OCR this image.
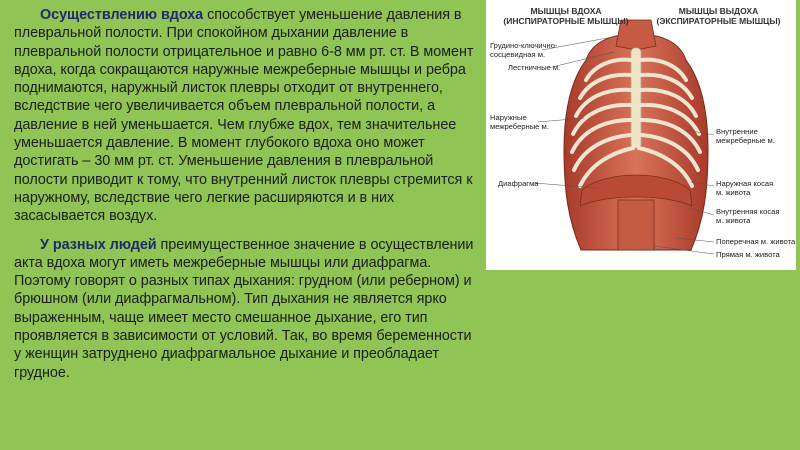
Осуществлению вдоха способствует уменьшение давления в плевральной полости. При спокойном дыхании давление в плевральной полости отрицательное и равно 6-8 мм рт. ст. В момент вдоха, когда сокращаются наружные межреберные мышцы и ребра поднимаются, наружный листок плевры отходит от внутреннего, вследствие чего увеличивается объем плевральной полости, а давление в ней уменьшается. Чем глубже вдох, тем значительнее уменьшается давление. В момент глубокого вдоха оно может достигать – 30 мм рт. ст. Уменьшение давления в плевральной полости приводит к тому, что внутренний листок плевры стремится к наружному, вследствие чего легкие расширяются и в них засасывается воздух.

У разных людей преимущественное значение в осуществлении акта вдоха могут иметь межреберные мышцы или диафрагма. Поэтому говорят о разных типах дыхания: грудном (или реберном) и брюшном (или диафрагмальном). Тип дыхания не является ярко выраженным, чаще имеет место смешанное дыхание, его тип проявляется в зависимости от условий. Так, во время беременности у женщин затруднено диафрагмальное дыхание и преобладает грудное.

МЫШЦЫ ВДОХА
(ИНСПИРАТОРНЫЕ МЫШЦЫ)
МЫШЦЫ ВЫДОХА
(ЭКСПИРАТОРНЫЕ МЫШЦЫ)
Грудино-ключично-
сосцевидная м.
Лестничные м.
Наружные
межреберные м.
Диафрагма
Внутренние
межреберные м.
Наружная косая
м. живота
Внутренняя косая
м. живота
Поперечная м. живота
Прямая м. живота
